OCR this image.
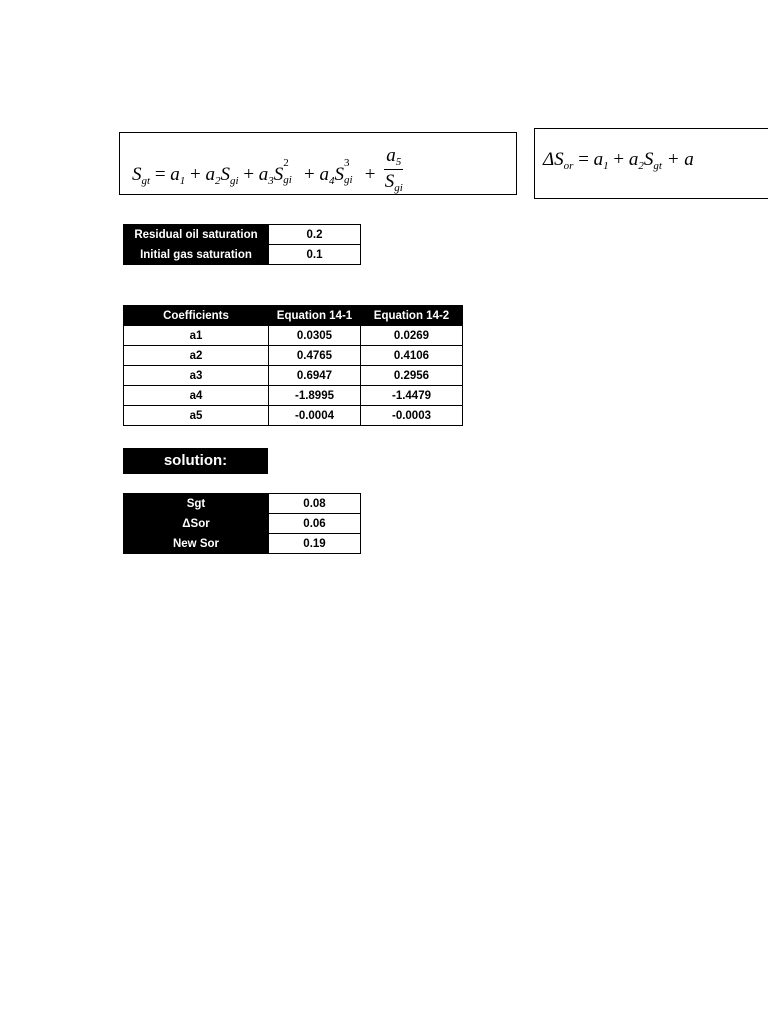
$S_{gt} = a_1 + a_2S_{gi} + a_3S$
2
gi + $a_4S$
3
gi + $\frac{a_5}{S_{gi}}$	$\Delta S_{or} = a_1 + a_2S_{gt} + a$
Residual oil saturation	0.2
Initial gas saturation	0.1
Coefficients	Equation 14-1	Equation 14-2
a1	0.0305	0.0269
a2	0.4765	0.4106
a3	0.6947	0.2956
a4	-1.8995	-1.4479
a5	-0.0004	-0.0003
solution:
Sgt	0.08
ΔSor	0.06
New Sor	0.19
